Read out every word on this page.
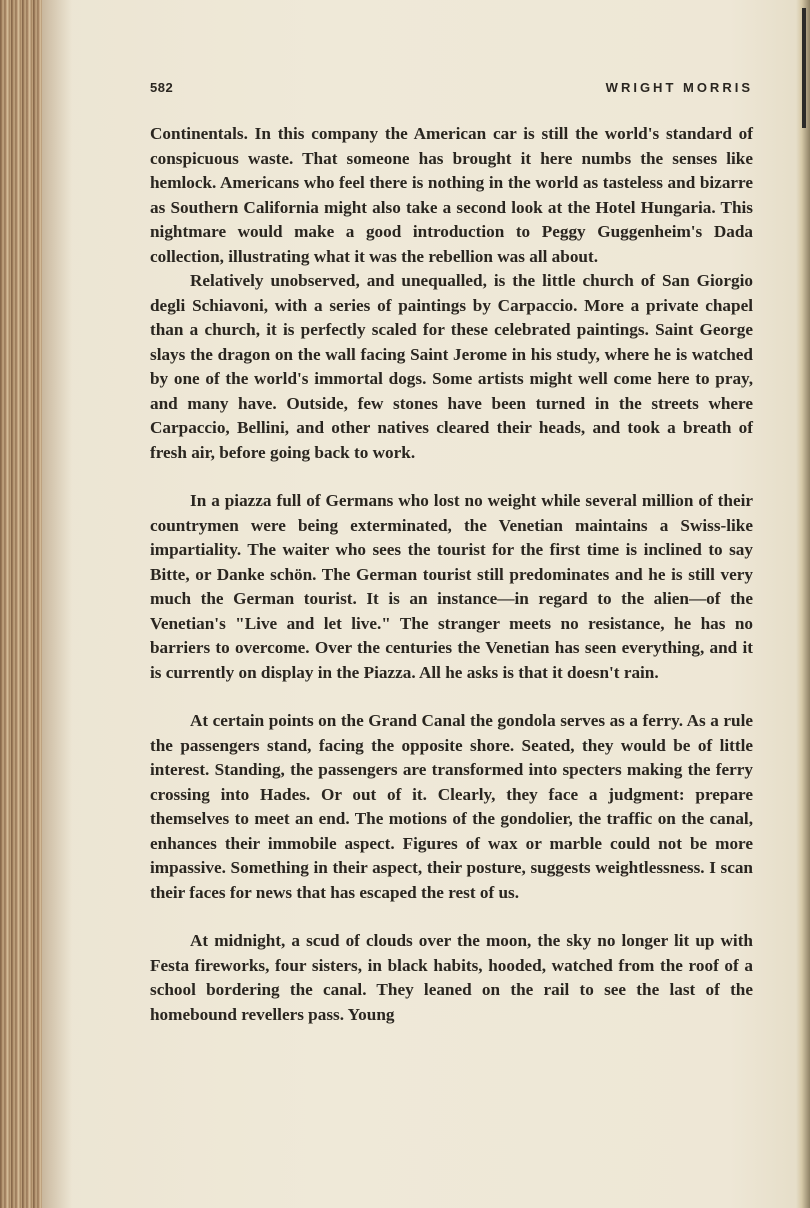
582	WRIGHT MORRIS

Continentals. In this company the American car is still the world's standard of conspicuous waste. That someone has brought it here numbs the senses like hemlock. Americans who feel there is nothing in the world as tasteless and bizarre as Southern California might also take a second look at the Hotel Hungaria. This nightmare would make a good introduction to Peggy Guggenheim's Dada collection, illustrating what it was the rebellion was all about.

Relatively unobserved, and unequalled, is the little church of San Giorgio degli Schiavoni, with a series of paintings by Carpaccio. More a private chapel than a church, it is perfectly scaled for these celebrated paintings. Saint George slays the dragon on the wall facing Saint Jerome in his study, where he is watched by one of the world's immortal dogs. Some artists might well come here to pray, and many have. Outside, few stones have been turned in the streets where Carpaccio, Bellini, and other natives cleared their heads, and took a breath of fresh air, before going back to work.

In a piazza full of Germans who lost no weight while several million of their countrymen were being exterminated, the Venetian maintains a Swiss-like impartiality. The waiter who sees the tourist for the first time is inclined to say Bitte, or Danke schön. The German tourist still predominates and he is still very much the German tourist. It is an instance—in regard to the alien—of the Venetian's "Live and let live." The stranger meets no resistance, he has no barriers to overcome. Over the centuries the Venetian has seen everything, and it is currently on display in the Piazza. All he asks is that it doesn't rain.

At certain points on the Grand Canal the gondola serves as a ferry. As a rule the passengers stand, facing the opposite shore. Seated, they would be of little interest. Standing, the passengers are transformed into specters making the ferry crossing into Hades. Or out of it. Clearly, they face a judgment: prepare themselves to meet an end. The motions of the gondolier, the traffic on the canal, enhances their immobile aspect. Figures of wax or marble could not be more impassive. Something in their aspect, their posture, suggests weightlessness. I scan their faces for news that has escaped the rest of us.

At midnight, a scud of clouds over the moon, the sky no longer lit up with Festa fireworks, four sisters, in black habits, hooded, watched from the roof of a school bordering the canal. They leaned on the rail to see the last of the homebound revellers pass. Young
